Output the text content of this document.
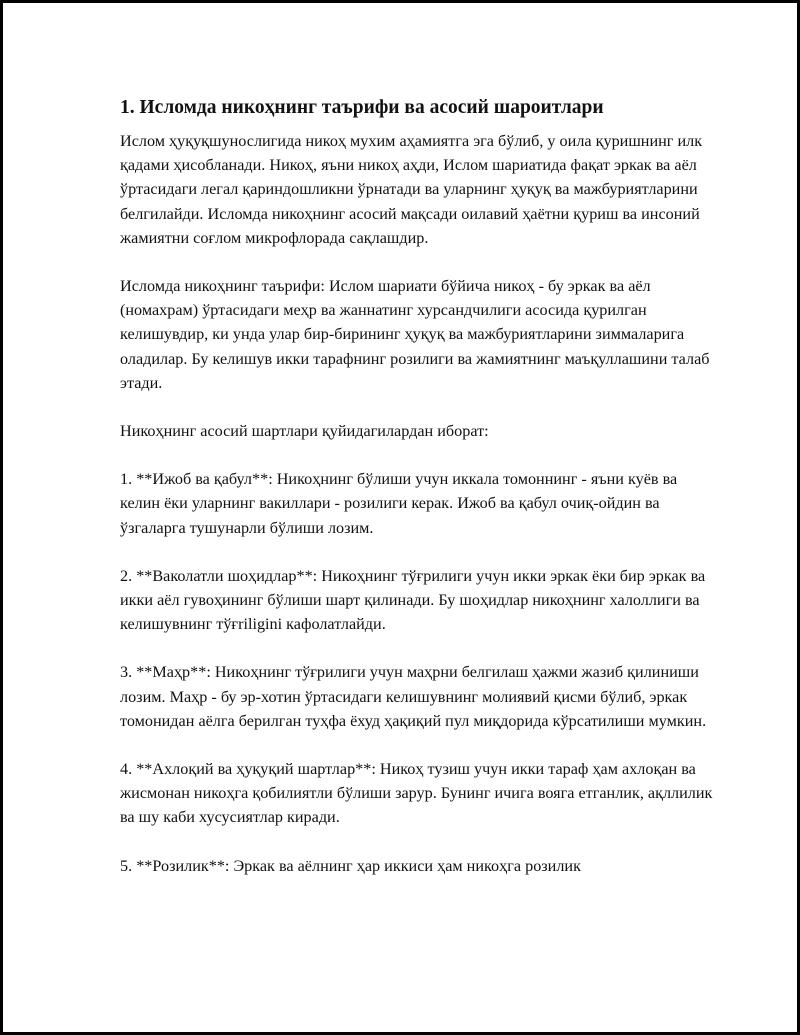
1. Исломда никоҳнинг таърифи ва асосий шароитлари

Ислом ҳуқуқшунослигида никоҳ мухим аҳамиятга эга бўлиб, у оила қуришнинг илк қадами ҳисобланади. Никоҳ, яъни никоҳ аҳди, Ислом шариатида фақат эркак ва аёл ўртасидаги легал қариндошликни ўрнатади ва уларнинг ҳуқуқ ва мажбуриятларини белгилайди. Исломда никоҳнинг асосий мақсади оилавий ҳаётни қуриш ва инсоний жамиятни соғлом микрофлорада сақлашдир.

Исломда никоҳнинг таърифи: Ислом шариати бўйича никоҳ - бу эркак ва аёл (номахрам) ўртасидаги меҳр ва жаннатинг хурсандчилиги асосида қурилган келишувдир, ки унда улар бир-бирининг ҳуқуқ ва мажбуриятларини зиммаларига оладилар. Бу келишув икки тарафнинг розилиги ва жамиятнинг маъқуллашини талаб этади.

Никоҳнинг асосий шартлари қуйидагилардан иборат:

1. **Ижоб ва қабул**: Никоҳнинг бўлиши учун иккала томоннинг - яъни куёв ва келин ёки уларнинг вакиллари - розилиги керак. Ижоб ва қабул очиқ-ойдин ва ўзгаларга тушунарли бўлиши лозим.

2. **Ваколатли шоҳидлар**: Никоҳнинг тўғрилиги учун икки эркак ёки бир эркак ва икки аёл гувоҳининг бўлиши шарт қилинади. Бу шоҳидлар никоҳнинг халоллиги ва келишувнинг тўғriligini кафолатлайди.

3. **Маҳр**: Никоҳнинг тўғрилиги учун маҳрни белгилаш ҳажми жазиб қилиниши лозим. Маҳр - бу эр-хотин ўртасидаги келишувнинг молиявий қисми бўлиб, эркак томонидан аёлга берилган туҳфа ёхуд ҳақиқий пул миқдорида кўрсатилиши мумкин.

4. **Ахлоқий ва ҳуқуқий шартлар**: Никоҳ тузиш учун икки тараф ҳам ахлоқан ва жисмонан никоҳга қобилиятли бўлиши зарур. Бунинг ичига вояга етганлик, ақллилик ва шу каби хусусиятлар киради.

5. **Розилик**: Эркак ва аёлнинг ҳар иккиси ҳам никоҳга розилик
